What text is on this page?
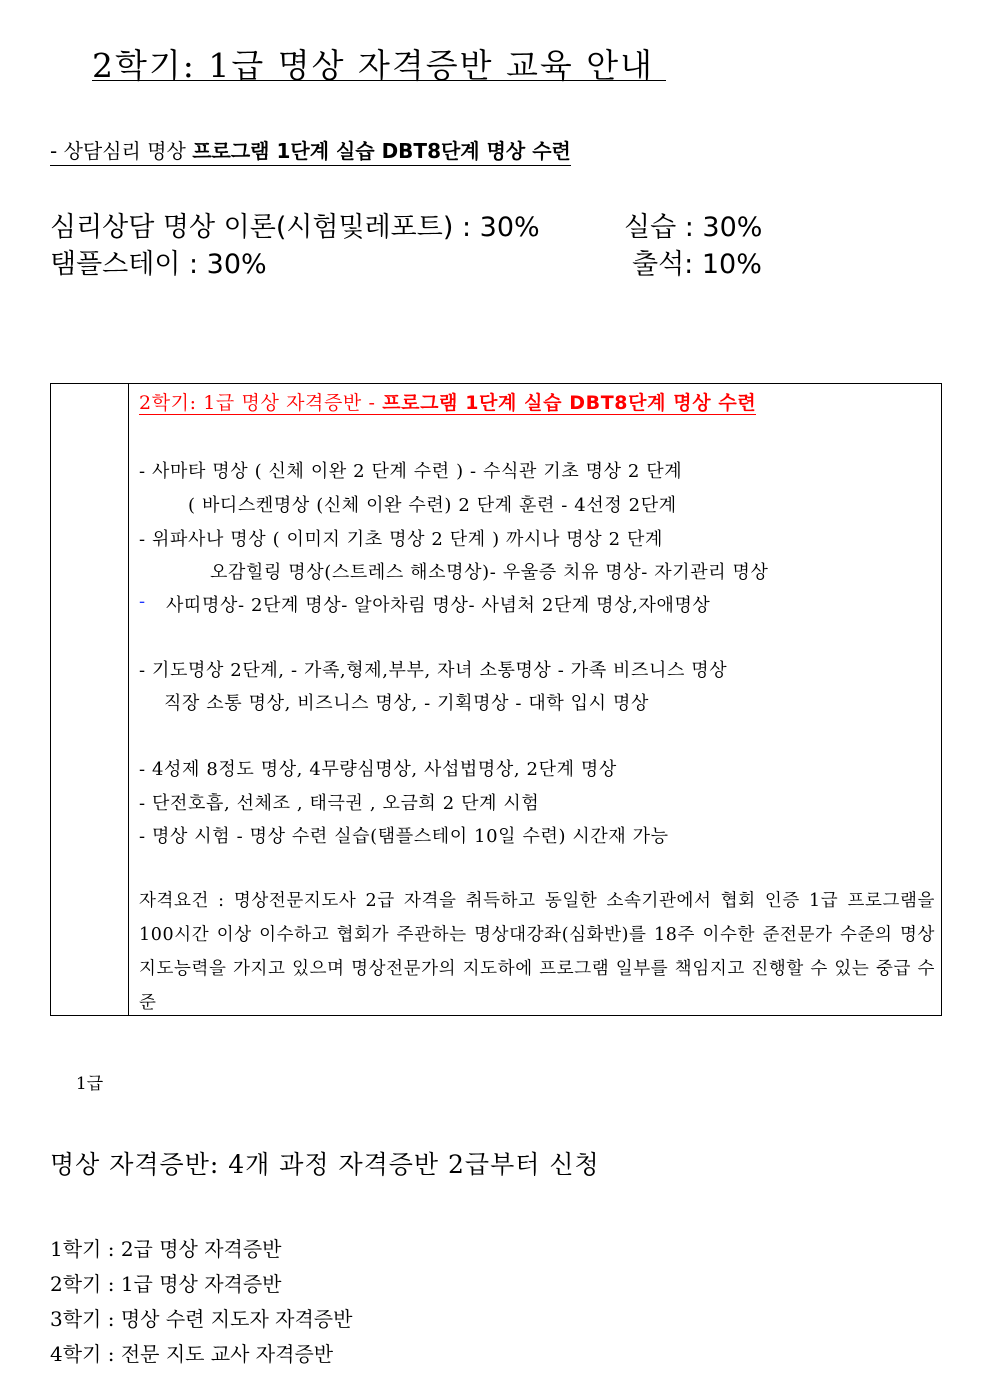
2학기: 1급 명상 자격증반 교육 안내
- 상담심리 명상 프로그램 1단계 실습 DBT8단계 명상 수련
심리상담 명상 이론(시험및레포트) : 30%	실습 : 30%
탬플스테이 : 30%	출석: 10%
1급
2학기: 1급 명상 자격증반 - 프로그램 1단계 실습 DBT8단계 명상 수련
- 사마타 명상 ( 신체 이완 2 단계 수련 ) - 수식관 기초 명상 2 단계
( 바디스켄명상 (신체 이완 수련) 2 단계 훈련 - 4선정 2단계
- 위파사나 명상 ( 이미지 기초 명상 2 단계 ) 까시나 명상 2 단계
오감힐링 명상(스트레스 해소명상)- 우울증 치유 명상- 자기관리 명상
- 사띠명상- 2단계 명상- 알아차림 명상- 사념처 2단계 명상,자애명상
- 기도명상 2단계, - 가족,형제,부부, 자녀 소통명상 - 가족 비즈니스 명상
직장 소통 명상, 비즈니스 명상, - 기획명상 - 대학 입시 명상
- 4성제 8정도 명상, 4무량심명상, 사섭법명상, 2단계 명상
- 단전호흡, 선체조 , 태극권 , 오금희 2 단계 시험
- 명상 시험 - 명상 수련 실습(탬플스테이 10일 수련) 시간재 가능
자격요건 : 명상전문지도사 2급 자격을 취득하고 동일한 소속기관에서 협회 인증 1급 프로그램을 100시간 이상 이수하고 협회가 주관하는 명상대강좌(심화반)를 18주 이수한 준전문가 수준의 명상 지도능력을 가지고 있으며 명상전문가의 지도하에 프로그램 일부를 책임지고 진행할 수 있는 중급 수준
명상 자격증반: 4개 과정 자격증반 2급부터 신청
1학기 : 2급 명상 자격증반
2학기 : 1급 명상 자격증반
3학기 : 명상 수련 지도자 자격증반
4학기 : 전문 지도 교사 자격증반
